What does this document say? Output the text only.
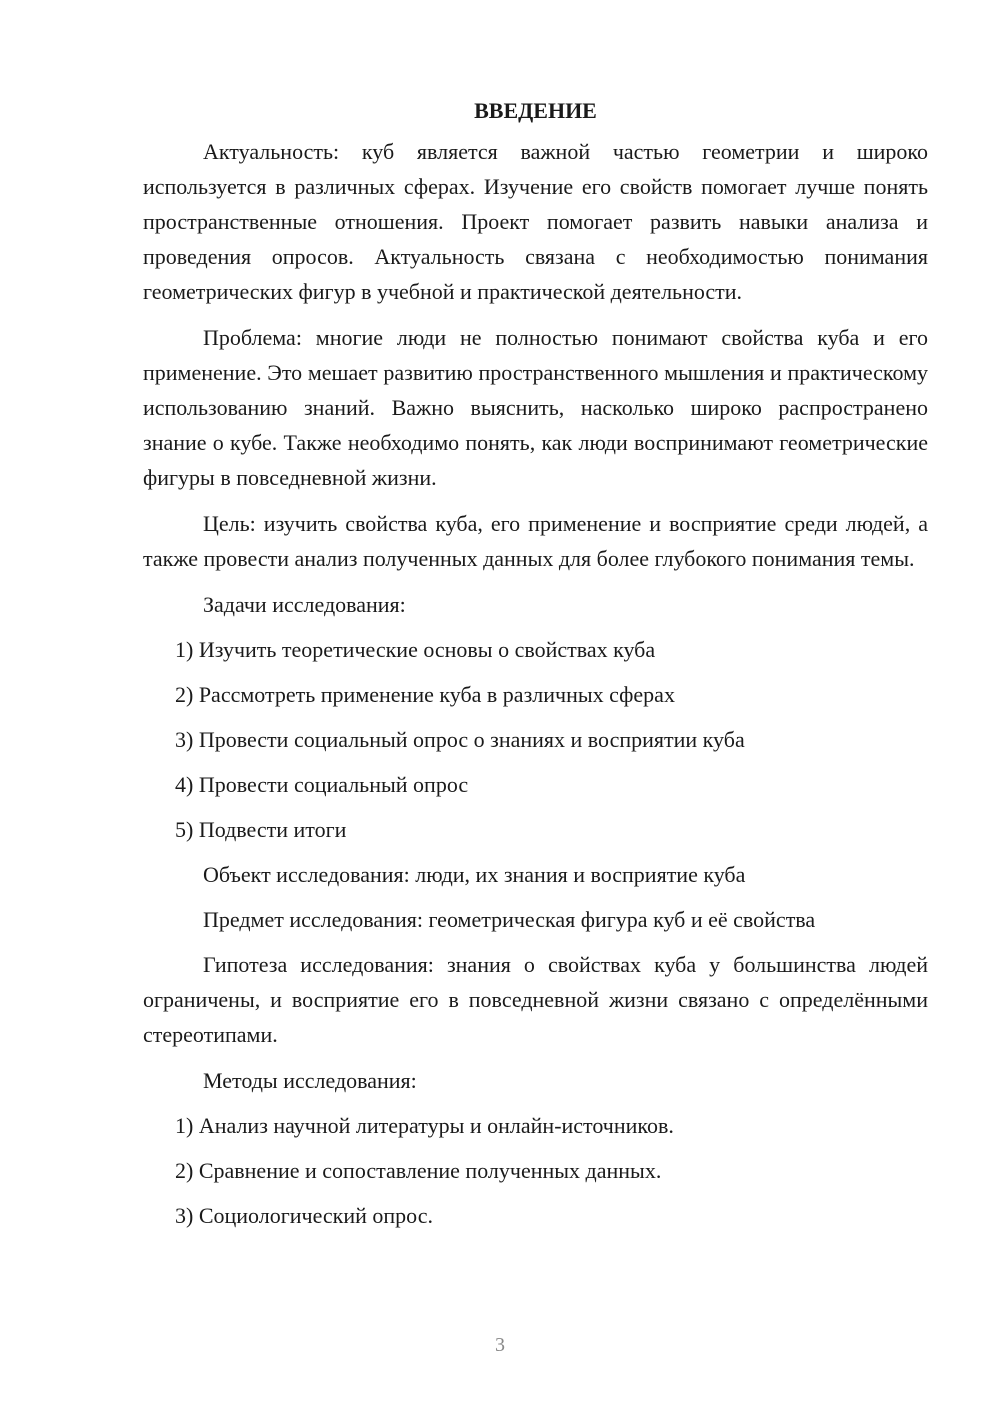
ВВЕДЕНИЕ

Актуальность: куб является важной частью геометрии и широко используется в различных сферах. Изучение его свойств помогает лучше понять пространственные отношения. Проект помогает развить навыки анализа и проведения опросов. Актуальность связана с необходимостью понимания геометрических фигур в учебной и практической деятельности.

Проблема: многие люди не полностью понимают свойства куба и его применение. Это мешает развитию пространственного мышления и практическому использованию знаний. Важно выяснить, насколько широко распространено знание о кубе. Также необходимо понять, как люди воспринимают геометрические фигуры в повседневной жизни.

Цель: изучить свойства куба, его применение и восприятие среди людей, а также провести анализ полученных данных для более глубокого понимания темы.

Задачи исследования:

1) Изучить теоретические основы о свойствах куба

2) Рассмотреть применение куба в различных сферах

3) Провести социальный опрос о знаниях и восприятии куба

4) Провести социальный опрос

5) Подвести итоги

Объект исследования: люди, их знания и восприятие куба

Предмет исследования: геометрическая фигура куб и её свойства

Гипотеза исследования: знания о свойствах куба у большинства людей ограничены, и восприятие его в повседневной жизни связано с определёнными стереотипами.

Методы исследования:

1) Анализ научной литературы и онлайн-источников.

2) Сравнение и сопоставление полученных данных.

3) Социологический опрос.

3
